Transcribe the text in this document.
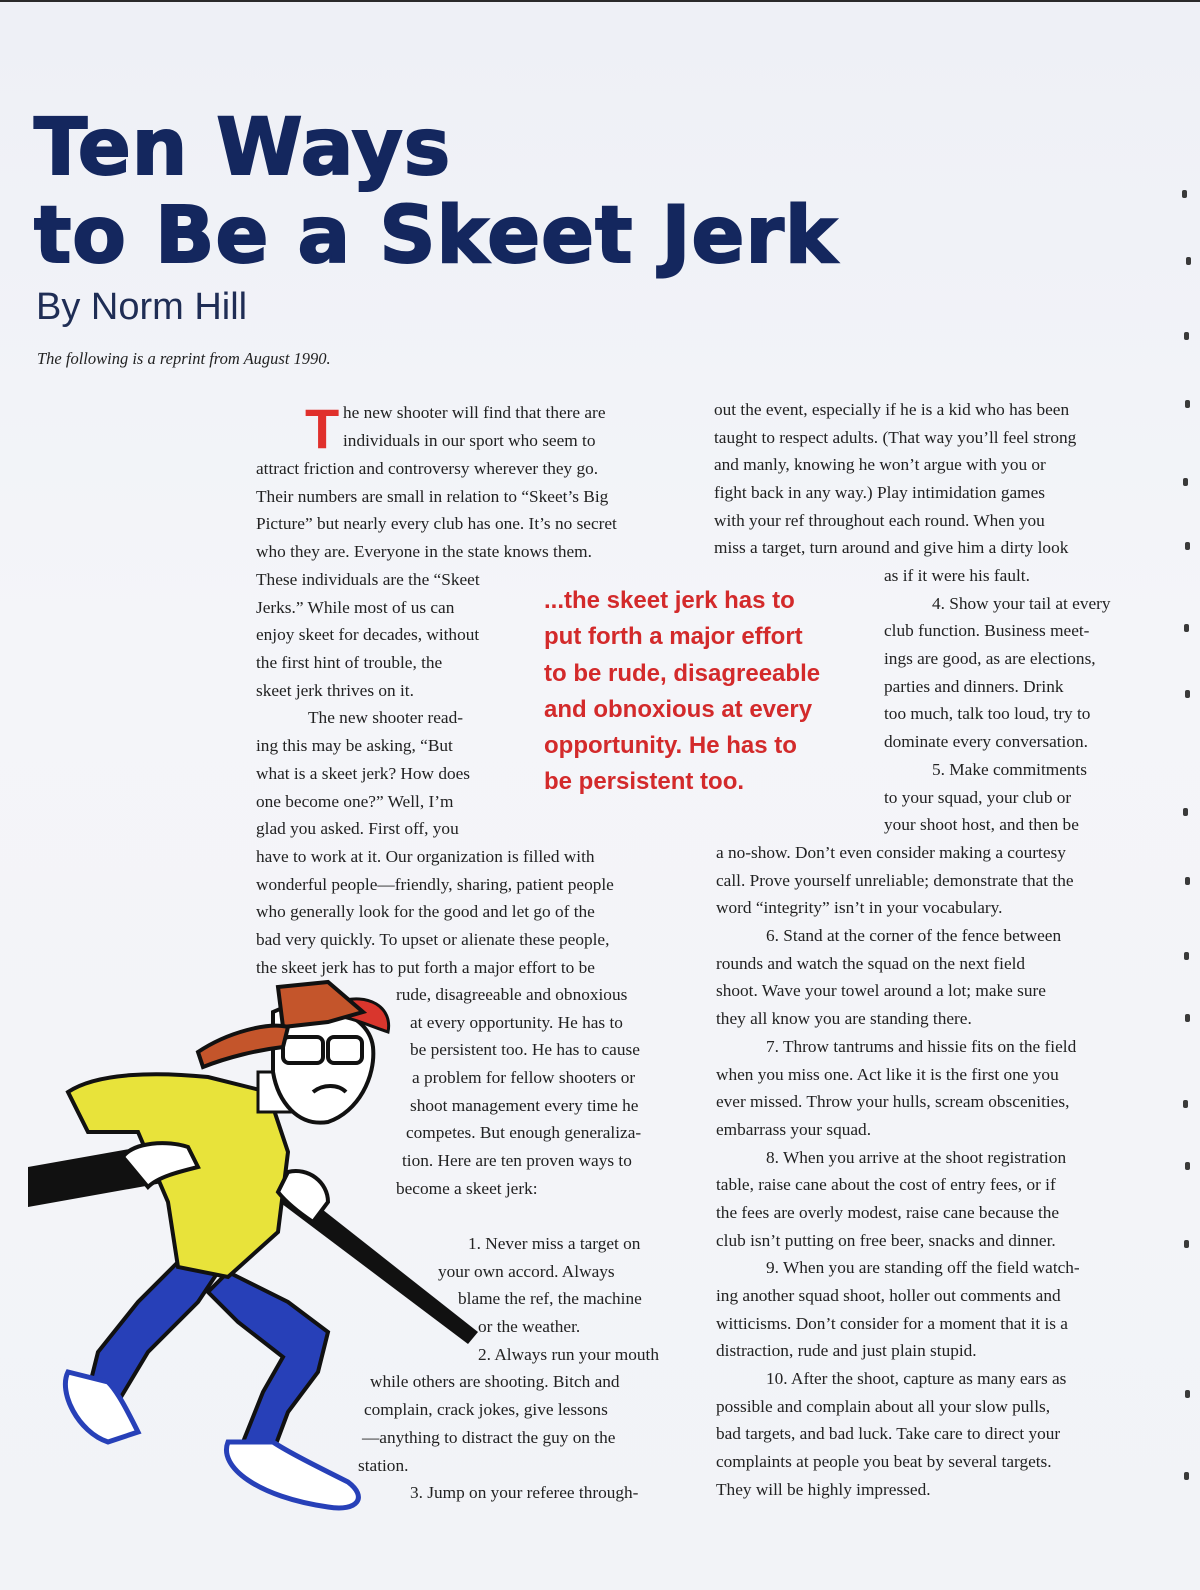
Ten Ways
to Be a Skeet Jerk
By Norm Hill
The following is a reprint from August 1990.
T he new shooter will find that there are
individuals in our sport who seem to
attract friction and controversy wherever they go.
Their numbers are small in relation to “Skeet’s Big
Picture” but nearly every club has one. It’s no secret
who they are. Everyone in the state knows them.
These individuals are the “Skeet
Jerks.” While most of us can
enjoy skeet for decades, without
the first hint of trouble, the
skeet jerk thrives on it.
The new shooter read-
ing this may be asking, “But
what is a skeet jerk? How does
one become one?” Well, I’m
glad you asked. First off, you
...the skeet jerk has to
put forth a major effort
to be rude, disagreeable
and obnoxious at every
opportunity. He has to
be persistent too.
have to work at it. Our organization is filled with
wonderful people—friendly, sharing, patient people
who generally look for the good and let go of the
bad very quickly. To upset or alienate these people,
the skeet jerk has to put forth a major effort to be
rude, disagreeable and obnoxious
at every opportunity. He has to
be persistent too. He has to cause
a problem for fellow shooters or
shoot management every time he
competes. But enough generaliza-
tion. Here are ten proven ways to
become a skeet jerk:
1. Never miss a target on
your own accord. Always
blame the ref, the machine
or the weather.
2. Always run your mouth
while others are shooting. Bitch and
complain, crack jokes, give lessons
—anything to distract the guy on the
station.
3. Jump on your referee through-
out the event, especially if he is a kid who has been
taught to respect adults. (That way you’ll feel strong
and manly, knowing he won’t argue with you or
fight back in any way.) Play intimidation games
with your ref throughout each round. When you
miss a target, turn around and give him a dirty look
as if it were his fault.
4. Show your tail at every
club function. Business meet-
ings are good, as are elections,
parties and dinners. Drink
too much, talk too loud, try to
dominate every conversation.
5. Make commitments
to your squad, your club or
your shoot host, and then be
a no-show. Don’t even consider making a courtesy
call. Prove yourself unreliable; demonstrate that the
word “integrity” isn’t in your vocabulary.
6. Stand at the corner of the fence between
rounds and watch the squad on the next field
shoot. Wave your towel around a lot; make sure
they all know you are standing there.
7. Throw tantrums and hissie fits on the field
when you miss one. Act like it is the first one you
ever missed. Throw your hulls, scream obscenities,
embarrass your squad.
8. When you arrive at the shoot registration
table, raise cane about the cost of entry fees, or if
the fees are overly modest, raise cane because the
club isn’t putting on free beer, snacks and dinner.
9. When you are standing off the field watch-
ing another squad shoot, holler out comments and
witticisms. Don’t consider for a moment that it is a
distraction, rude and just plain stupid.
10. After the shoot, capture as many ears as
possible and complain about all your slow pulls,
bad targets, and bad luck. Take care to direct your
complaints at people you beat by several targets.
They will be highly impressed.
